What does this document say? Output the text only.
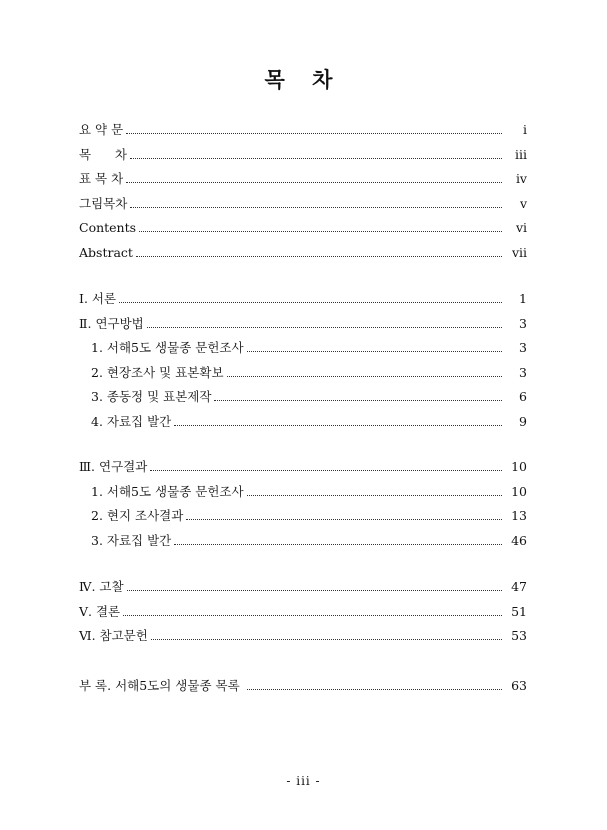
목 차
요 약 문	i
목      차	iii
표 목 차	iv
그림목차	v
Contents	vi
Abstract	vii
Ⅰ. 서론	1
Ⅱ. 연구방법	3
1. 서해5도 생물종 문헌조사	3
2. 현장조사 및 표본확보	3
3. 종동정 및 표본제작	6
4. 자료집 발간	9
Ⅲ. 연구결과	10
1. 서해5도 생물종 문헌조사	10
2. 현지 조사결과	13
3. 자료집 발간	46
Ⅳ. 고찰	47
Ⅴ. 결론	51
Ⅵ. 참고문헌	53
부 록. 서해5도의 생물종 목록	63
- iii -
